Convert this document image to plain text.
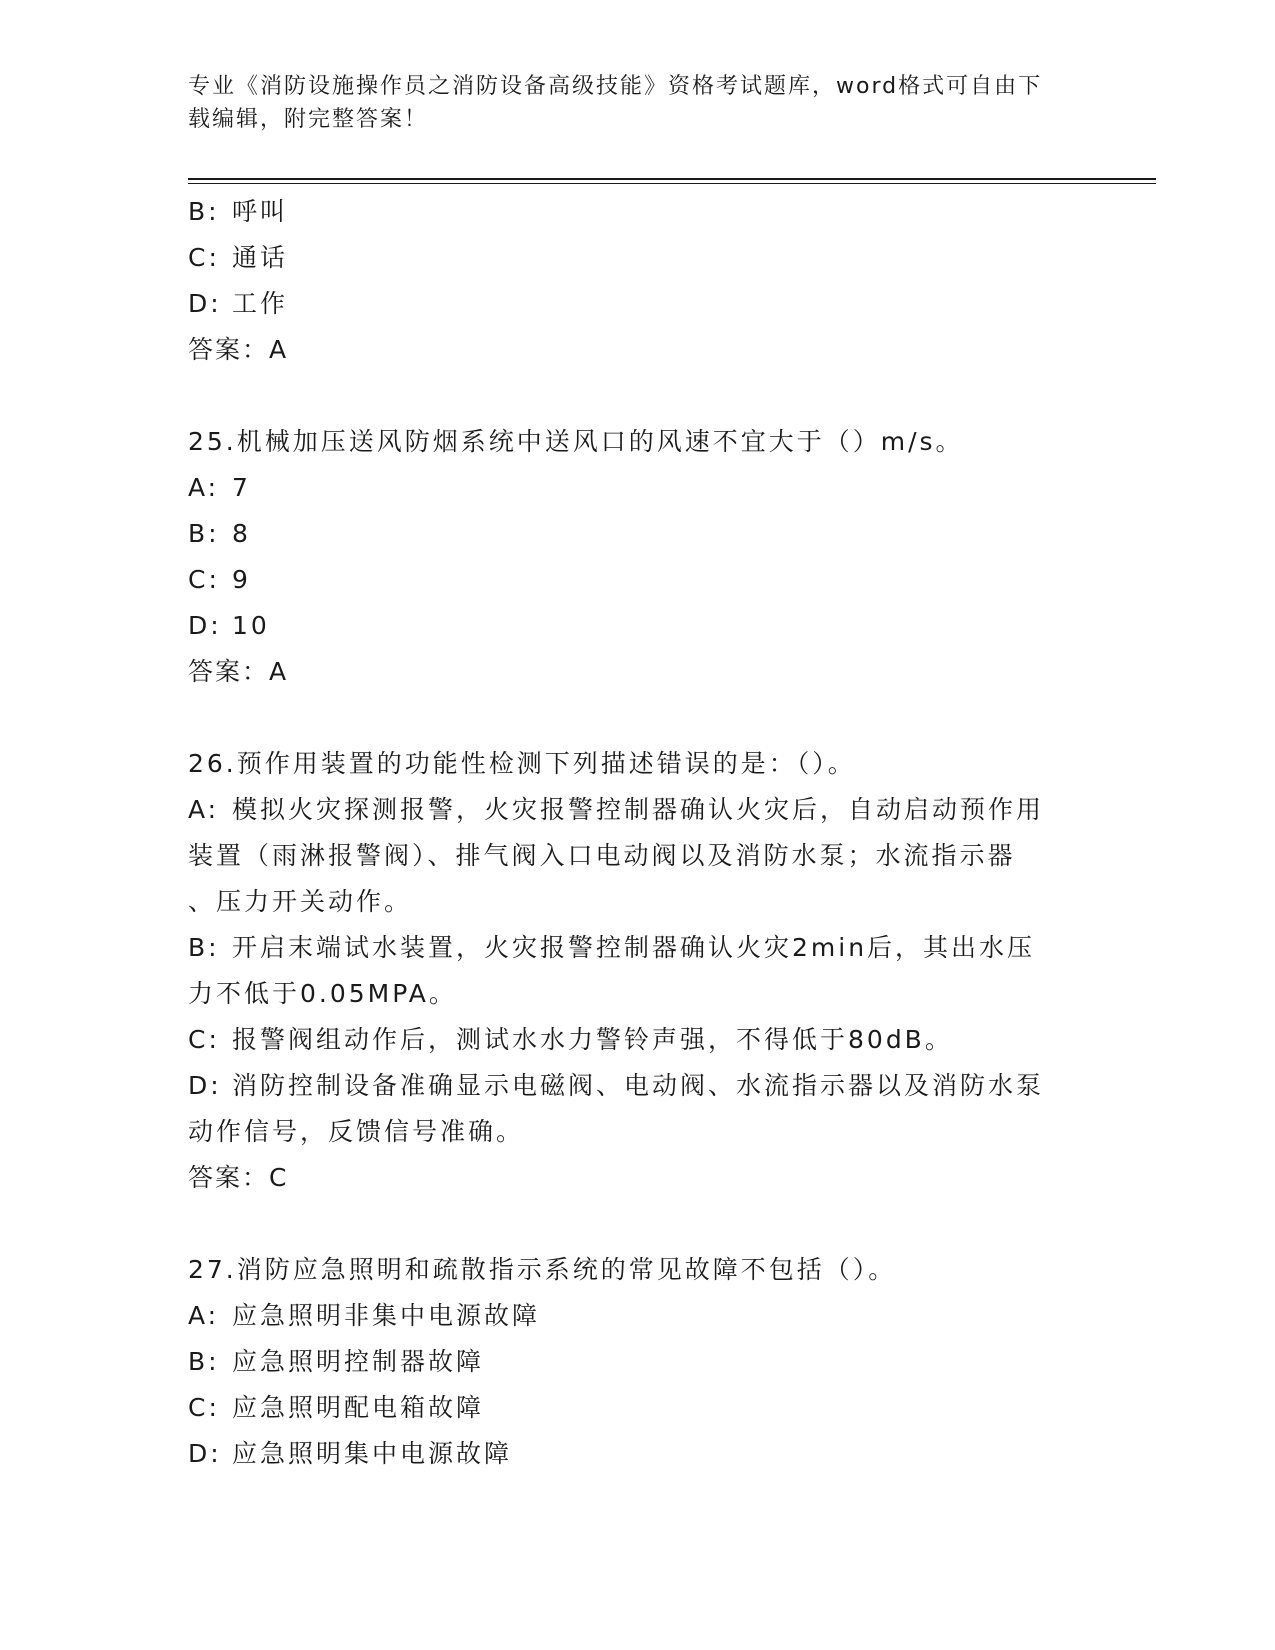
专业《消防设施操作员之消防设备高级技能》资格考试题库，word格式可自由下
载编辑，附完整答案！
B: 呼叫
C: 通话
D: 工作
答案：A
25.机械加压送风防烟系统中送风口的风速不宜大于（）m/s。
A: 7
B: 8
C: 9
D: 10
答案：A
26.预作用装置的功能性检测下列描述错误的是：（）。
A: 模拟火灾探测报警，火灾报警控制器确认火灾后，自动启动预作用
装置（雨淋报警阀）、排气阀入口电动阀以及消防水泵；水流指示器
、压力开关动作。
B: 开启末端试水装置，火灾报警控制器确认火灾2min后，其出水压
力不低于0.05MPA。
C: 报警阀组动作后，测试水水力警铃声强，不得低于80dB。
D: 消防控制设备准确显示电磁阀、电动阀、水流指示器以及消防水泵
动作信号，反馈信号准确。
答案：C
27.消防应急照明和疏散指示系统的常见故障不包括（）。
A: 应急照明非集中电源故障
B: 应急照明控制器故障
C: 应急照明配电箱故障
D: 应急照明集中电源故障
